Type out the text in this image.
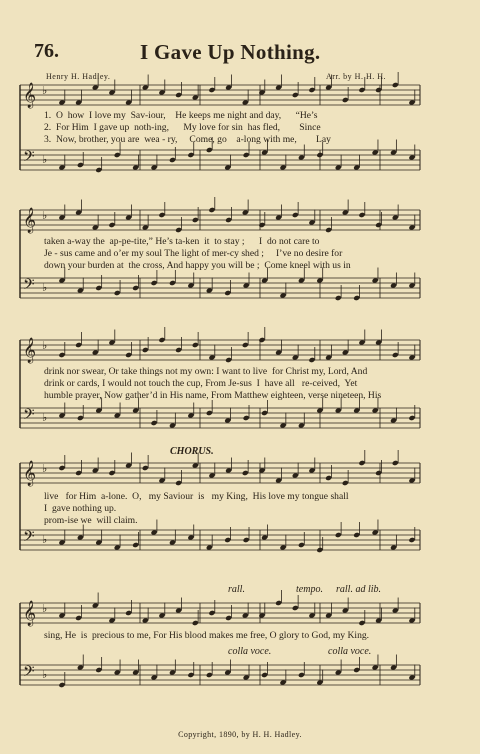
76.	I Gave Up Nothing.
Henry H. Hadley.	Arr. by H. H. H.
𝄞
𝄢
♭
♭
𝄞
𝄢
♭
♭
𝄞
𝄢
♭
♭
𝄞
𝄢
♭
♭
𝄞
𝄢
♭
♭
1.  O  how  I love my  Sav-iour,    He keeps me night and day,      “He’s
2.  For Him  I gave up  noth-ing,      My love for sin  has fled,        Since
3.  Now, brother, you are  wea - ry,     Come, go    a-long with me,        Lay
taken a-way the  ap-pe-tite,” He’s ta-ken  it  to stay ;      I  do not care to
Je - sus came and o’er my soul The light of mer-cy shed ;     I’ve no desire for
down your burden at  the cross, And happy you will be ;  Come kneel with us in
drink nor swear, Or take things not my own: I want to live  for Christ my, Lord, And
drink or cards, I would not touch the cup, From Je-sus  I  have all   re-ceived,  Yet
humble prayer, Now gather’d in His name, From Matthew eighteen, verse nineteen, His
live   for Him  a-lone.  O,   my Saviour  is   my King,  His love my tongue shall
I  gave nothing up.
prom-ise we  will claim.
sing, He  is  precious to me, For His blood makes me free, O glory to God, my King.
CHORUS.
rall.	tempo. rall. ad lib.
colla voce.	colla voce.
Copyright, 1890, by H. H. Hadley.
